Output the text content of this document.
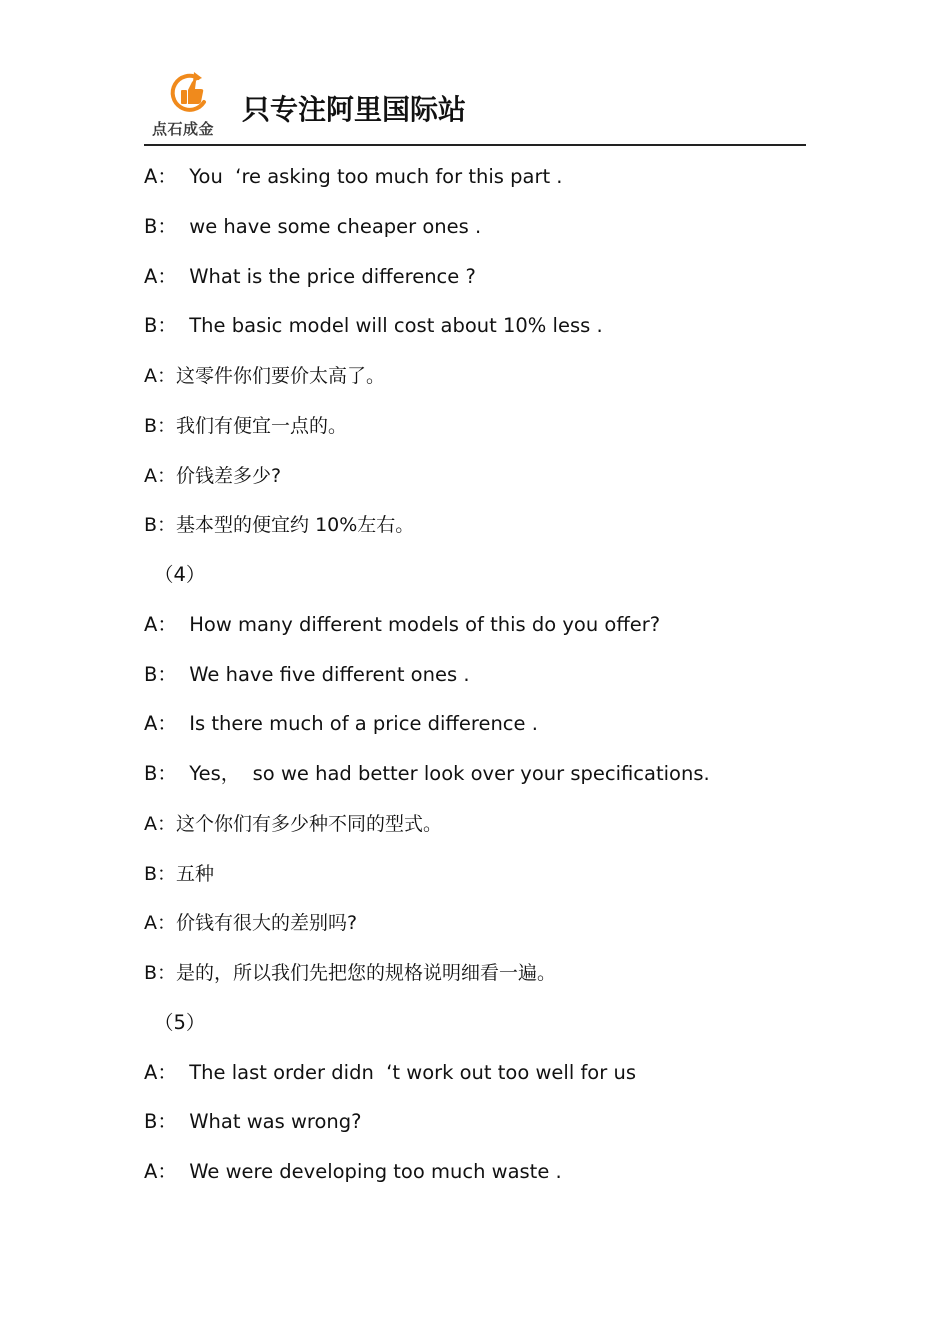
点石成金
只专注阿里国际站
A：  You  ‘re asking too much for this part .
B：  we have some cheaper ones .
A：  What is the price difference ?
B：  The basic model will cost about 10% less .
A：这零件你们要价太高了。
B：我们有便宜一点的。
A：价钱差多少?
B：基本型的便宜约 10%左右。
（4）
A：  How many different models of this do you offer?
B：  We have five different ones .
A：  Is there much of a price difference .
B：  Yes，  so we had better look over your specifications.
A：这个你们有多少种不同的型式。
B：五种
A：价钱有很大的差别吗?
B：是的，所以我们先把您的规格说明细看一遍。
（5）
A：  The last order didn  ‘t work out too well for us
B：  What was wrong?
A：  We were developing too much waste .
